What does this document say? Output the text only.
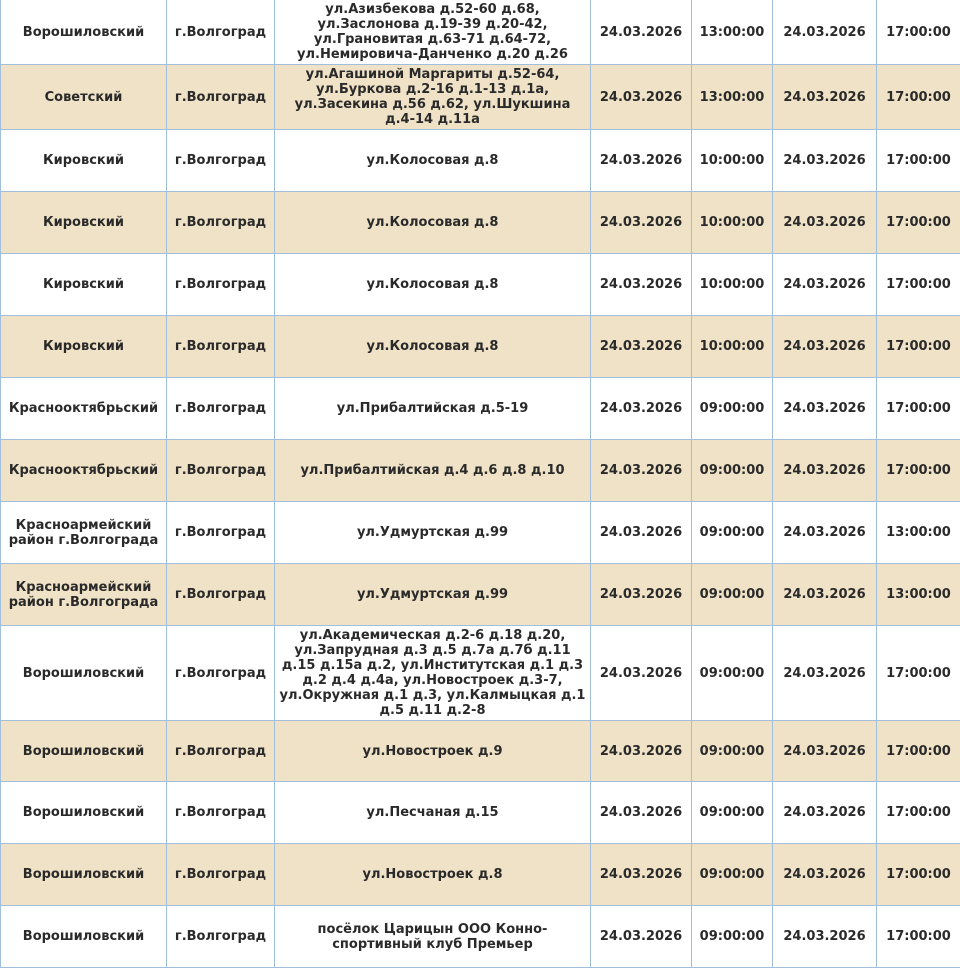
Ворошиловский	г.Волгоград	ул.Азизбекова д.52-60 д.68, ул.Заслонова д.19-39 д.20-42, ул.Гранoвитая д.63-71 д.64-72, ул.Немировича-Данченко д.20 д.26	24.03.2026	13:00:00	24.03.2026	17:00:00
Советский	г.Волгоград	ул.Агашиной Маргариты д.52-64, ул.Буркова д.2-16 д.1-13 д.1а, ул.Засекина д.56 д.62, ул.Шукшина д.4-14 д.11а	24.03.2026	13:00:00	24.03.2026	17:00:00
Кировский	г.Волгоград	ул.Колосовая д.8	24.03.2026	10:00:00	24.03.2026	17:00:00
Кировский	г.Волгоград	ул.Колосовая д.8	24.03.2026	10:00:00	24.03.2026	17:00:00
Кировский	г.Волгоград	ул.Колосовая д.8	24.03.2026	10:00:00	24.03.2026	17:00:00
Кировский	г.Волгоград	ул.Колосовая д.8	24.03.2026	10:00:00	24.03.2026	17:00:00
Краснооктябрьский	г.Волгоград	ул.Прибалтийская д.5-19	24.03.2026	09:00:00	24.03.2026	17:00:00
Краснооктябрьский	г.Волгоград	ул.Прибалтийская д.4 д.6 д.8 д.10	24.03.2026	09:00:00	24.03.2026	17:00:00
Красноармейский район г.Волгограда	г.Волгоград	ул.Удмуртская д.99	24.03.2026	09:00:00	24.03.2026	13:00:00
Красноармейский район г.Волгограда	г.Волгоград	ул.Удмуртская д.99	24.03.2026	09:00:00	24.03.2026	13:00:00
Ворошиловский	г.Волгоград	ул.Академическая д.2-6 д.18 д.20, ул.Запрудная д.3 д.5 д.7а д.7б д.11 д.15 д.15а д.2, ул.Институтская д.1 д.3 д.2 д.4 д.4а, ул.Новострoек д.3-7, ул.Окружная д.1 д.3, ул.Калмыцкая д.1 д.5 д.11 д.2-8	24.03.2026	09:00:00	24.03.2026	17:00:00
Ворошиловский	г.Волгоград	ул.Новострoек д.9	24.03.2026	09:00:00	24.03.2026	17:00:00
Ворошиловский	г.Волгоград	ул.Песчаная д.15	24.03.2026	09:00:00	24.03.2026	17:00:00
Ворошиловский	г.Волгоград	ул.Новострoек д.8	24.03.2026	09:00:00	24.03.2026	17:00:00
Ворошиловский	г.Волгоград	посёлок Царицын ООО Конно-спортивный клуб Премьер	24.03.2026	09:00:00	24.03.2026	17:00:00
